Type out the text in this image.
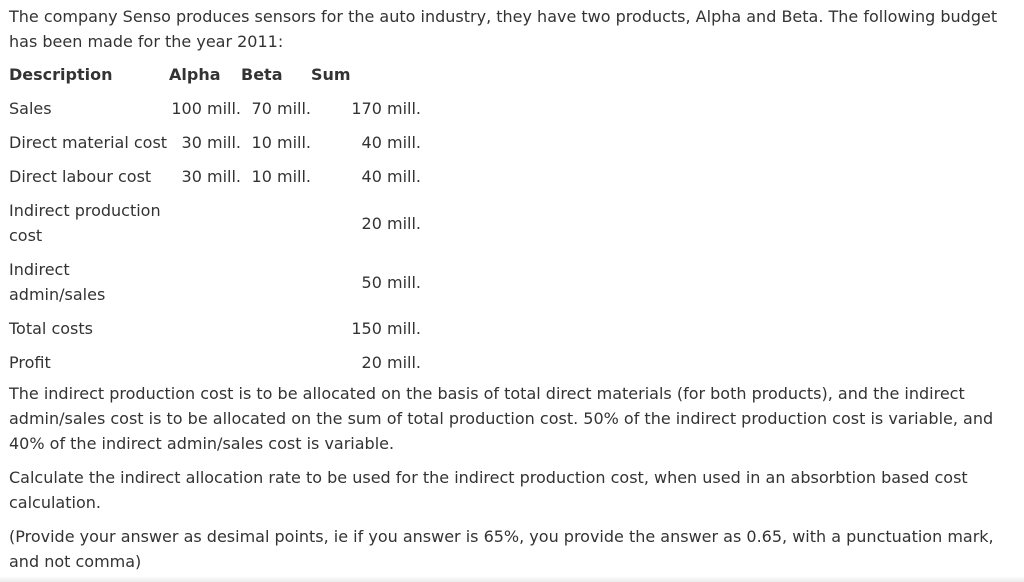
The company Senso produces sensors for the auto industry, they have two products, Alpha and Beta. The following budget has been made for the year 2011:

Description	Alpha	Beta	Sum
Sales	100 mill.	70 mill.	170 mill.
Direct material cost	30 mill.	10 mill.	40 mill.
Direct labour cost	30 mill.	10 mill.	40 mill.
Indirect production cost			20 mill.
Indirect admin/sales			50 mill.
Total costs			150 mill.
Profit			20 mill.

The indirect production cost is to be allocated on the basis of total direct materials (for both products), and the indirect admin/sales cost is to be allocated on the sum of total production cost. 50% of the indirect production cost is variable, and 40% of the indirect admin/sales cost is variable.

Calculate the indirect allocation rate to be used for the indirect production cost, when used in an absorbtion based cost calculation.

(Provide your answer as desimal points, ie if you answer is 65%, you provide the answer as 0.65, with a punctuation mark, and not comma)
